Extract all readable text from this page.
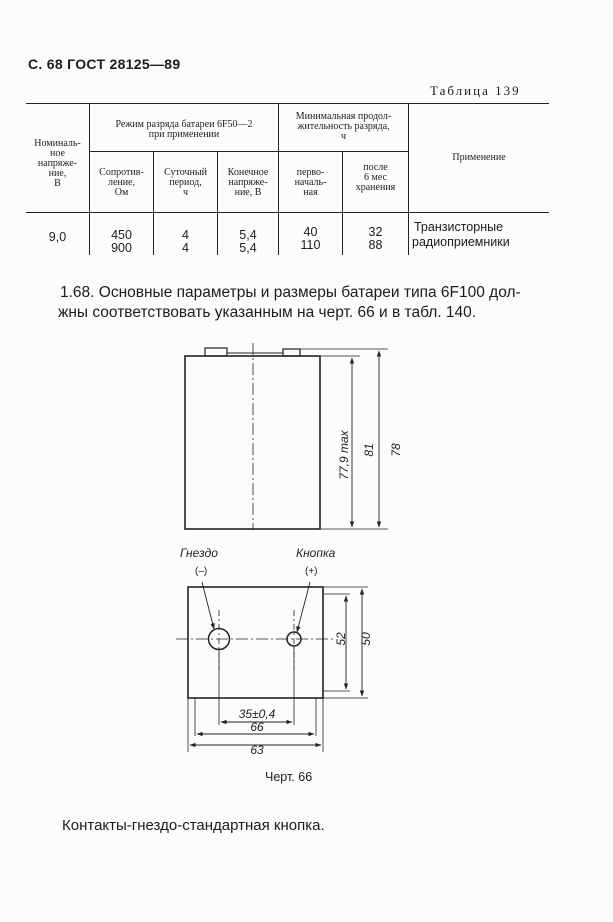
С. 68 ГОСТ 28125—89
Таблица 139
Номиналь-
ное
напряже-
ние,
В
Режим разряда батареи 6F50—2
при применении
Сопротив-
ление,
Ом
Суточный
период,
ч
Конечное
напряже-
ние, В
Минимальная продол-
жительность разряда,
ч
перво-
началь-
ная
после
6 мес
хранения
Применение
9,0	450
900
4
4
5,4
5,4
40
110
32
88
Транзисторные
радиоприемники
1.68. Основные параметры и размеры батареи типа 6F100 дол-
жны соответствовать указанным на черт. 66 и в табл. 140.
77,9 max 81 78
Гнездо
(–)
Кнопка
(+)
52 50
35±0,4
66
63
Черт. 66
Контакты-гнездо-стандартная кнопка.
